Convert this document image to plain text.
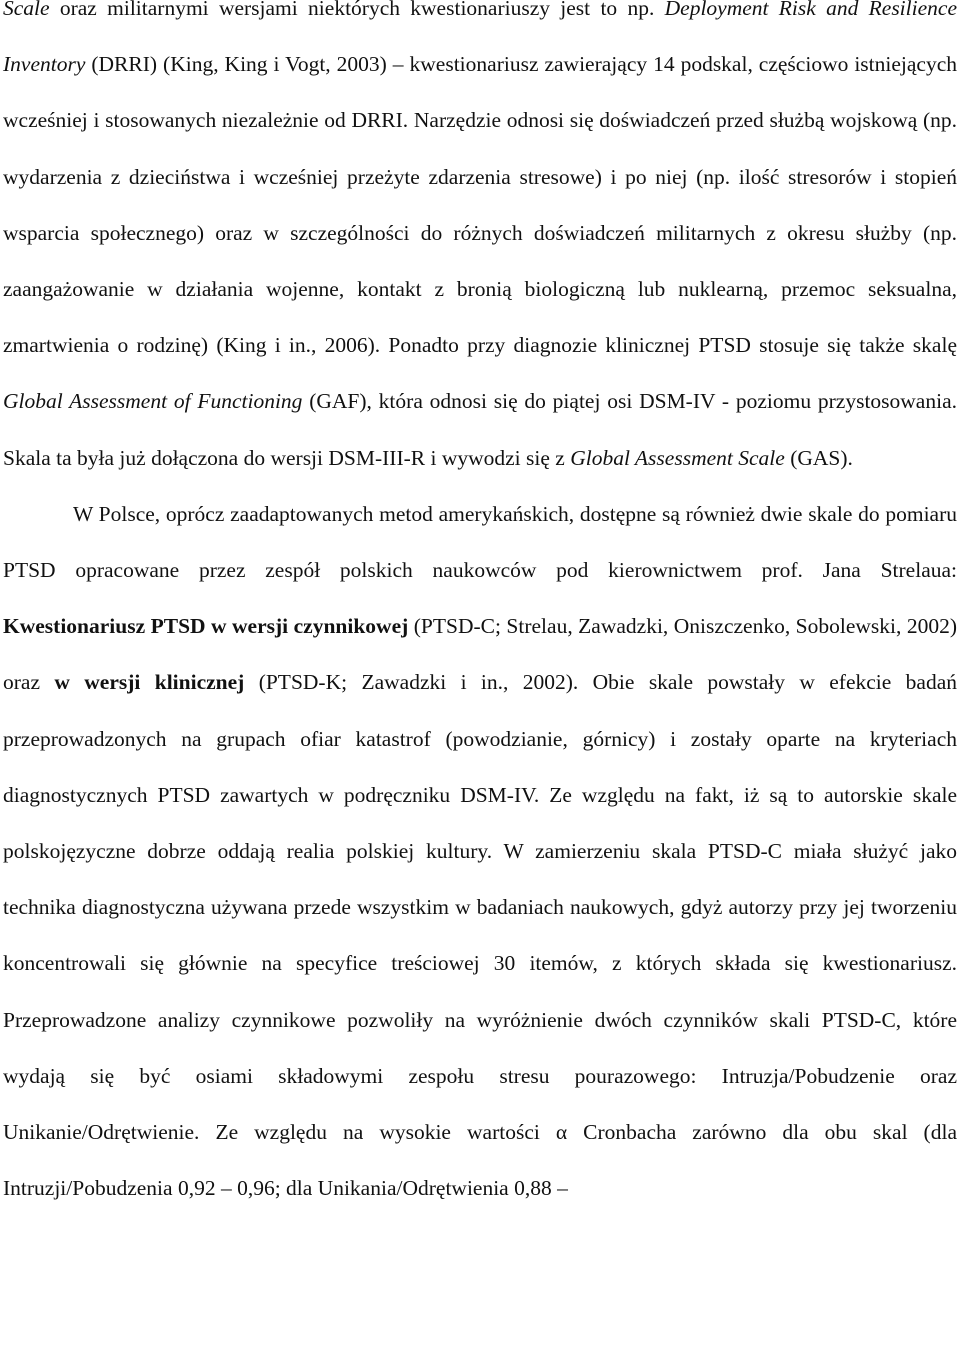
Scale oraz militarnymi wersjami niektórych kwestionariuszy jest to np. Deployment Risk and Resilience Inventory (DRRI) (King, King i Vogt, 2003) – kwestionariusz zawierający 14 podskal, częściowo istniejących wcześniej i stosowanych niezależnie od DRRI. Narzędzie odnosi się doświadczeń przed służbą wojskową (np. wydarzenia z dzieciństwa i wcześniej przeżyte zdarzenia stresowe) i po niej (np. ilość stresorów i stopień wsparcia społecznego) oraz w szczególności do różnych doświadczeń militarnych z okresu służby (np. zaangażowanie w działania wojenne, kontakt z bronią biologiczną lub nuklearną, przemoc seksualna, zmartwienia o rodzinę) (King i in., 2006). Ponadto przy diagnozie klinicznej PTSD stosuje się także skalę Global Assessment of Functioning (GAF), która odnosi się do piątej osi DSM-IV - poziomu przystosowania. Skala ta była już dołączona do wersji DSM-III-R i wywodzi się z Global Assessment Scale (GAS).

W Polsce, oprócz zaadaptowanych metod amerykańskich, dostępne są również dwie skale do pomiaru PTSD opracowane przez zespół polskich naukowców pod kierownictwem prof. Jana Strelaua: Kwestionariusz PTSD w wersji czynnikowej (PTSD-C; Strelau, Zawadzki, Oniszczenko, Sobolewski, 2002) oraz w wersji klinicznej (PTSD-K; Zawadzki i in., 2002). Obie skale powstały w efekcie badań przeprowadzonych na grupach ofiar katastrof (powodzianie, górnicy) i zostały oparte na kryteriach diagnostycznych PTSD zawartych w podręczniku DSM-IV. Ze względu na fakt, iż są to autorskie skale polskojęzyczne dobrze oddają realia polskiej kultury. W zamierzeniu skala PTSD-C miała służyć jako technika diagnostyczna używana przede wszystkim w badaniach naukowych, gdyż autorzy przy jej tworzeniu koncentrowali się głównie na specyfice treściowej 30 itemów, z których składa się kwestionariusz. Przeprowadzone analizy czynnikowe pozwoliły na wyróżnienie dwóch czynników skali PTSD-C, które wydają się być osiami składowymi zespołu stresu pourazowego: Intruzja/Pobudzenie oraz Unikanie/Odrętwienie. Ze względu na wysokie wartości α Cronbacha zarówno dla obu skal (dla Intruzji/Pobudzenia 0,92 – 0,96; dla Unikania/Odrętwienia 0,88 –
